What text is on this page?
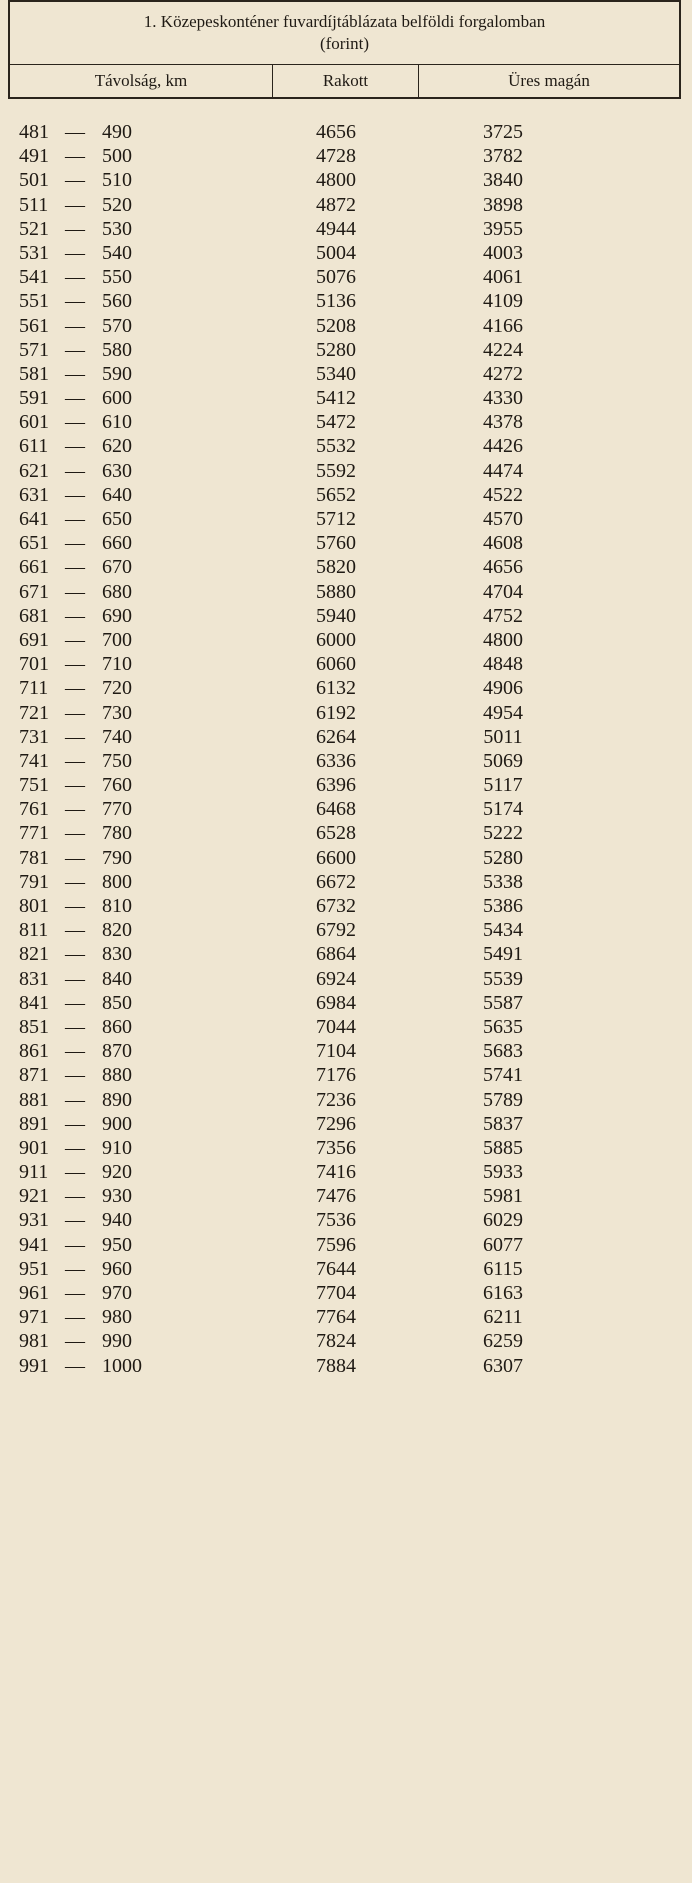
1. Közepeskonténer fuvardíjtáblázata belföldi forgalomban
(forint)
Távolság, km	Rakott	Üres magán
481 — 490	4656	3725
491 — 500	4728	3782
501 — 510	4800	3840
511 — 520	4872	3898
521 — 530	4944	3955
531 — 540	5004	4003
541 — 550	5076	4061
551 — 560	5136	4109
561 — 570	5208	4166
571 — 580	5280	4224
581 — 590	5340	4272
591 — 600	5412	4330
601 — 610	5472	4378
611 — 620	5532	4426
621 — 630	5592	4474
631 — 640	5652	4522
641 — 650	5712	4570
651 — 660	5760	4608
661 — 670	5820	4656
671 — 680	5880	4704
681 — 690	5940	4752
691 — 700	6000	4800
701 — 710	6060	4848
711 — 720	6132	4906
721 — 730	6192	4954
731 — 740	6264	5011
741 — 750	6336	5069
751 — 760	6396	5117
761 — 770	6468	5174
771 — 780	6528	5222
781 — 790	6600	5280
791 — 800	6672	5338
801 — 810	6732	5386
811 — 820	6792	5434
821 — 830	6864	5491
831 — 840	6924	5539
841 — 850	6984	5587
851 — 860	7044	5635
861 — 870	7104	5683
871 — 880	7176	5741
881 — 890	7236	5789
891 — 900	7296	5837
901 — 910	7356	5885
911 — 920	7416	5933
921 — 930	7476	5981
931 — 940	7536	6029
941 — 950	7596	6077
951 — 960	7644	6115
961 — 970	7704	6163
971 — 980	7764	6211
981 — 990	7824	6259
991 — 1000	7884	6307
